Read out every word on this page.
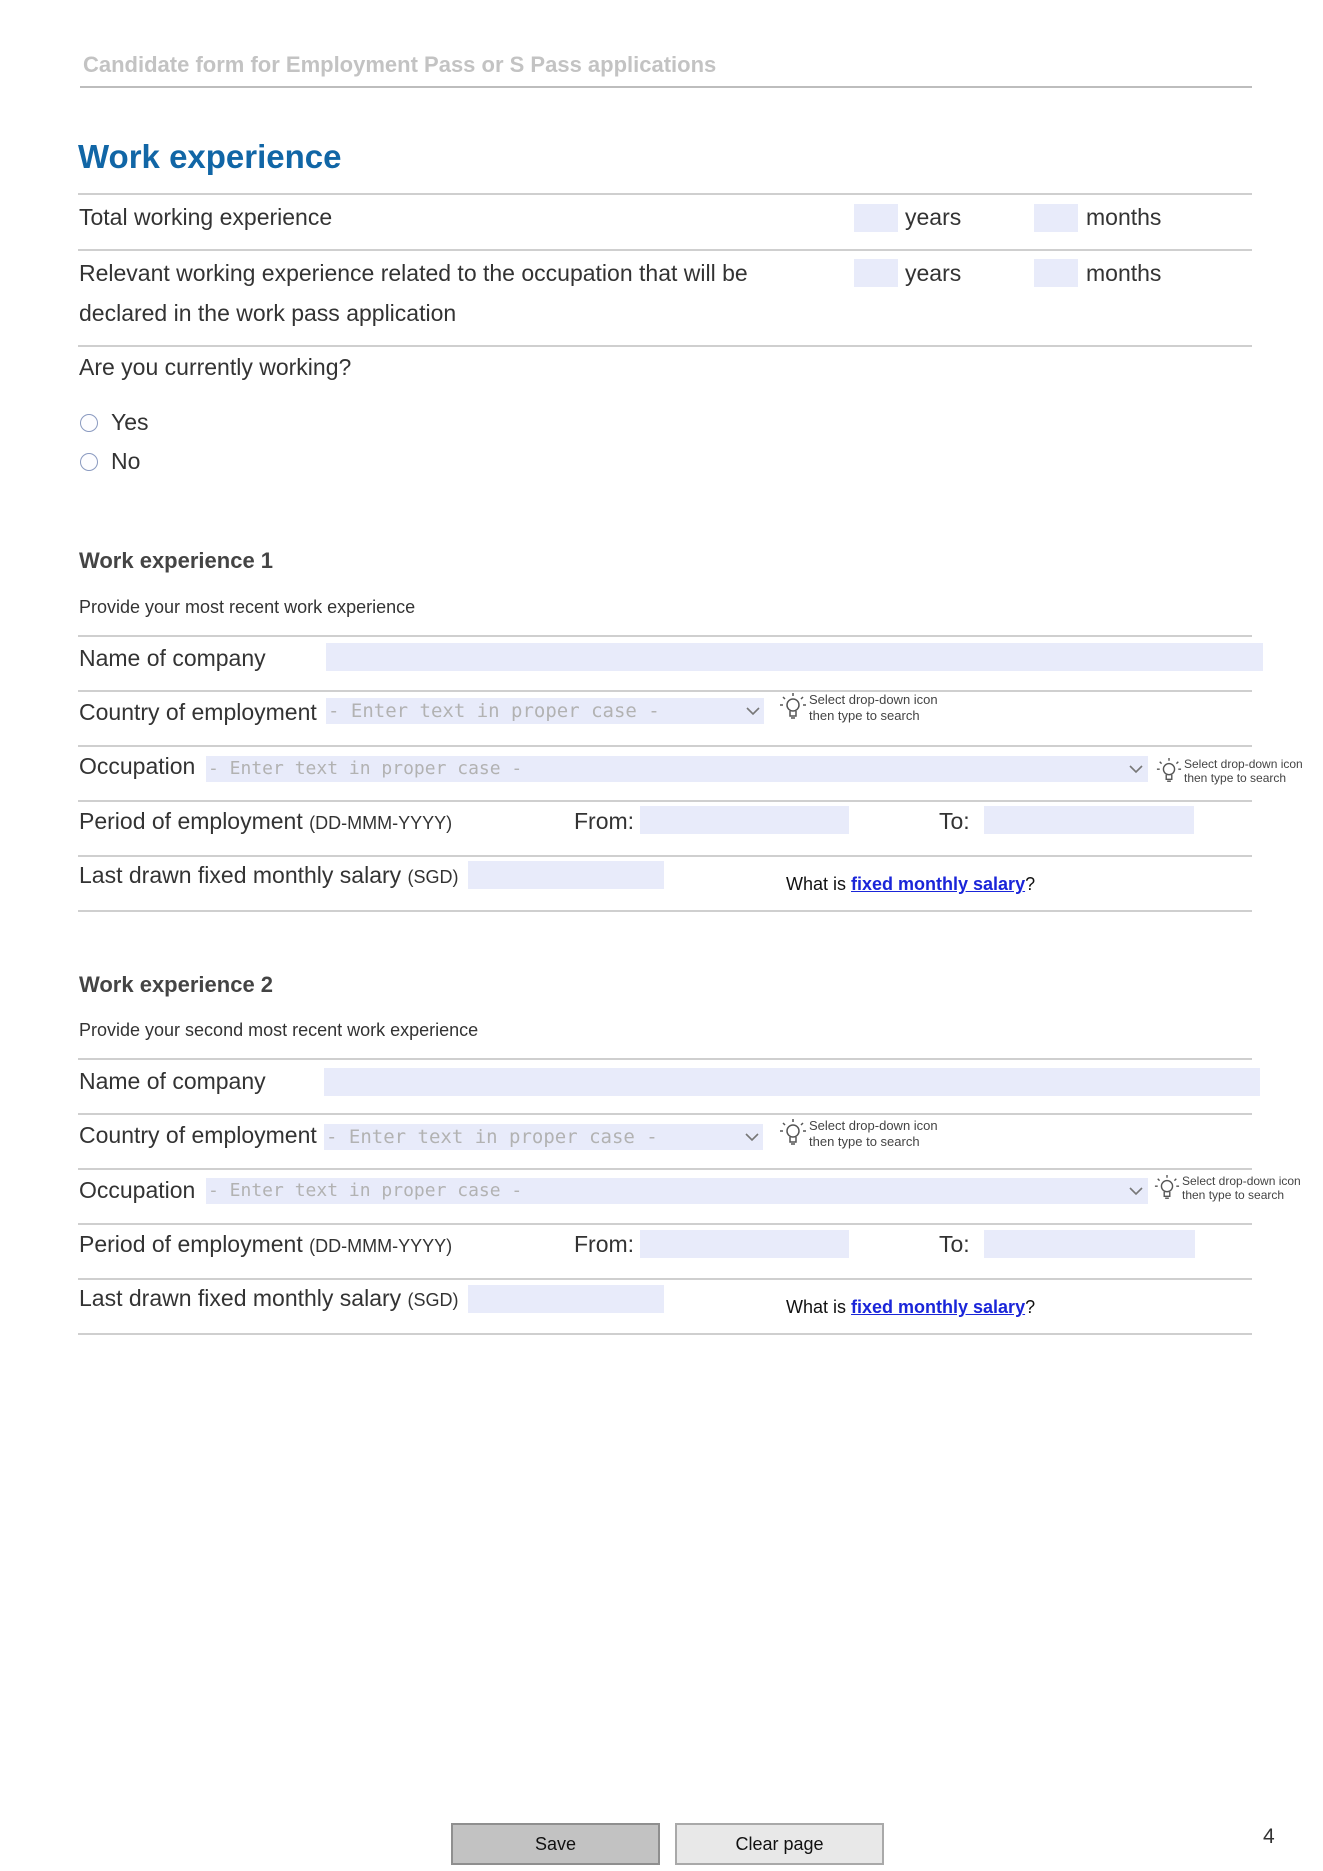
Candidate form for Employment Pass or S Pass applications
Work experience
Total working experience	years	months
Relevant working experience related to the occupation that will be
declared in the work pass application
years	months
Are you currently working?
Yes
No
Work experience 1
Provide your most recent work experience
Name of company
Country of employment - Enter text in proper case -
Select drop-down icon
then type to search
Occupation - Enter text in proper case -	Select drop-down icon
then type to search
Period of employment (DD-MMM-YYYY)	From:	To:
Last drawn fixed monthly salary (SGD)	What is fixed monthly salary?
Work experience 2
Provide your second most recent work experience
Name of company
Country of employment - Enter text in proper case -
Select drop-down icon
then type to search
Occupation - Enter text in proper case -	Select drop-down icon
then type to search
Period of employment (DD-MMM-YYYY)	From:	To:
Last drawn fixed monthly salary (SGD)	What is fixed monthly salary?
Save	Clear page	4
